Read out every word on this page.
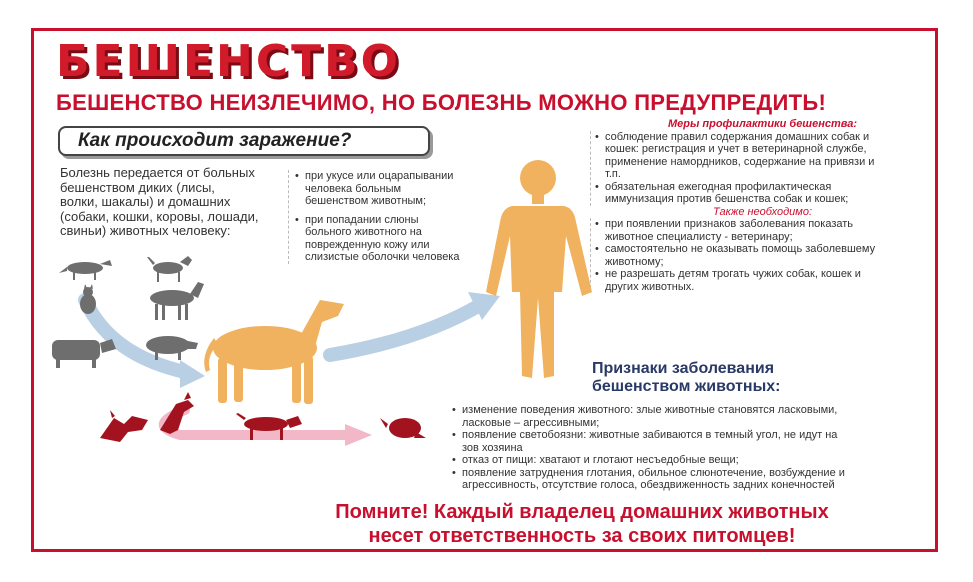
БЕШЕНСТВО
БЕШЕНСТВО НЕИЗЛЕЧИМО, НО БОЛЕЗНЬ МОЖНО ПРЕДУПРЕДИТЬ!
Как происходит заражение?
Болезнь передается от больных
бешенством диких (лисы,
волки, шакалы) и домашних
(собаки, кошки, коровы, лошади,
свиньи) животных человеку:
• при укусе или оцарапывании
человека больным
бешенством животным;
• при попадании слюны
больного животного на
поврежденную кожу или
слизистые оболочки человека
Меры профилактики бешенства:
• соблюдение правил содержания домашних собак и
кошек: регистрация и учет в ветеринарной службе,
применение намордников, содержание на привязи и
т.п.
• обязательная ежегодная профилактическая
иммунизация против бешенства собак и кошек;
Также необходимо:
• при появлении признаков заболевания показать
животное специалисту - ветеринару;
• самостоятельно не оказывать помощь заболевшему
животному;
• не разрешать детям трогать чужих собак, кошек и
других животных.
Признаки заболевания
бешенством животных:
• изменение поведения животного: злые животные становятся ласковыми,
ласковые – агрессивными;
• появление светобоязни: животные забиваются в темный угол, не идут на
зов хозяина
• отказ от пищи: хватают и глотают несъедобные вещи;
• появление затруднения глотания, обильное слюнотечение, возбуждение и
агрессивность, отсутствие голоса, обездвиженность задних конечностей
Помните! Каждый владелец домашних животных
несет ответственность за своих питомцев!
